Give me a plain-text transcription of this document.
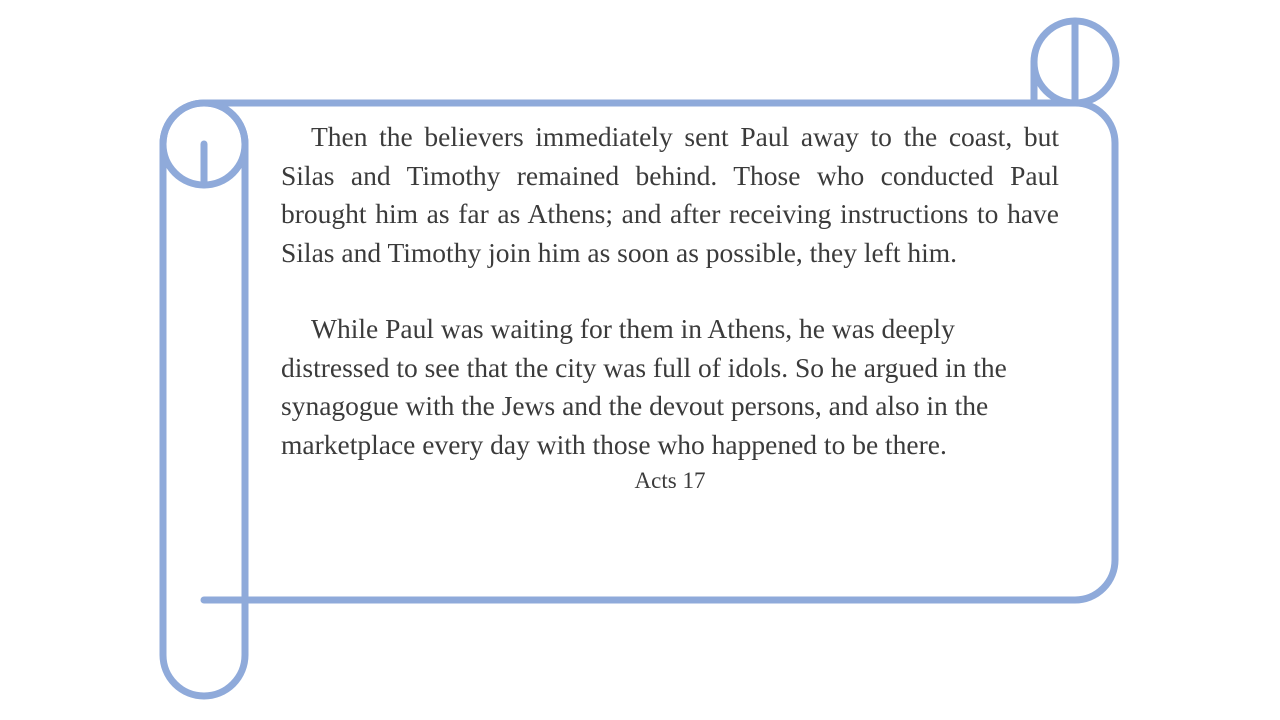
Then the believers immediately sent Paul away to the coast, but Silas and Timothy remained behind. Those who conducted Paul brought him as far as Athens; and after receiving instructions to have Silas and Timothy join him as soon as possible, they left him.

While Paul was waiting for them in Athens, he was deeply distressed to see that the city was full of idols. So he argued in the synagogue with the Jews and the devout persons, and also in the marketplace every day with those who happened to be there.

Acts 17
